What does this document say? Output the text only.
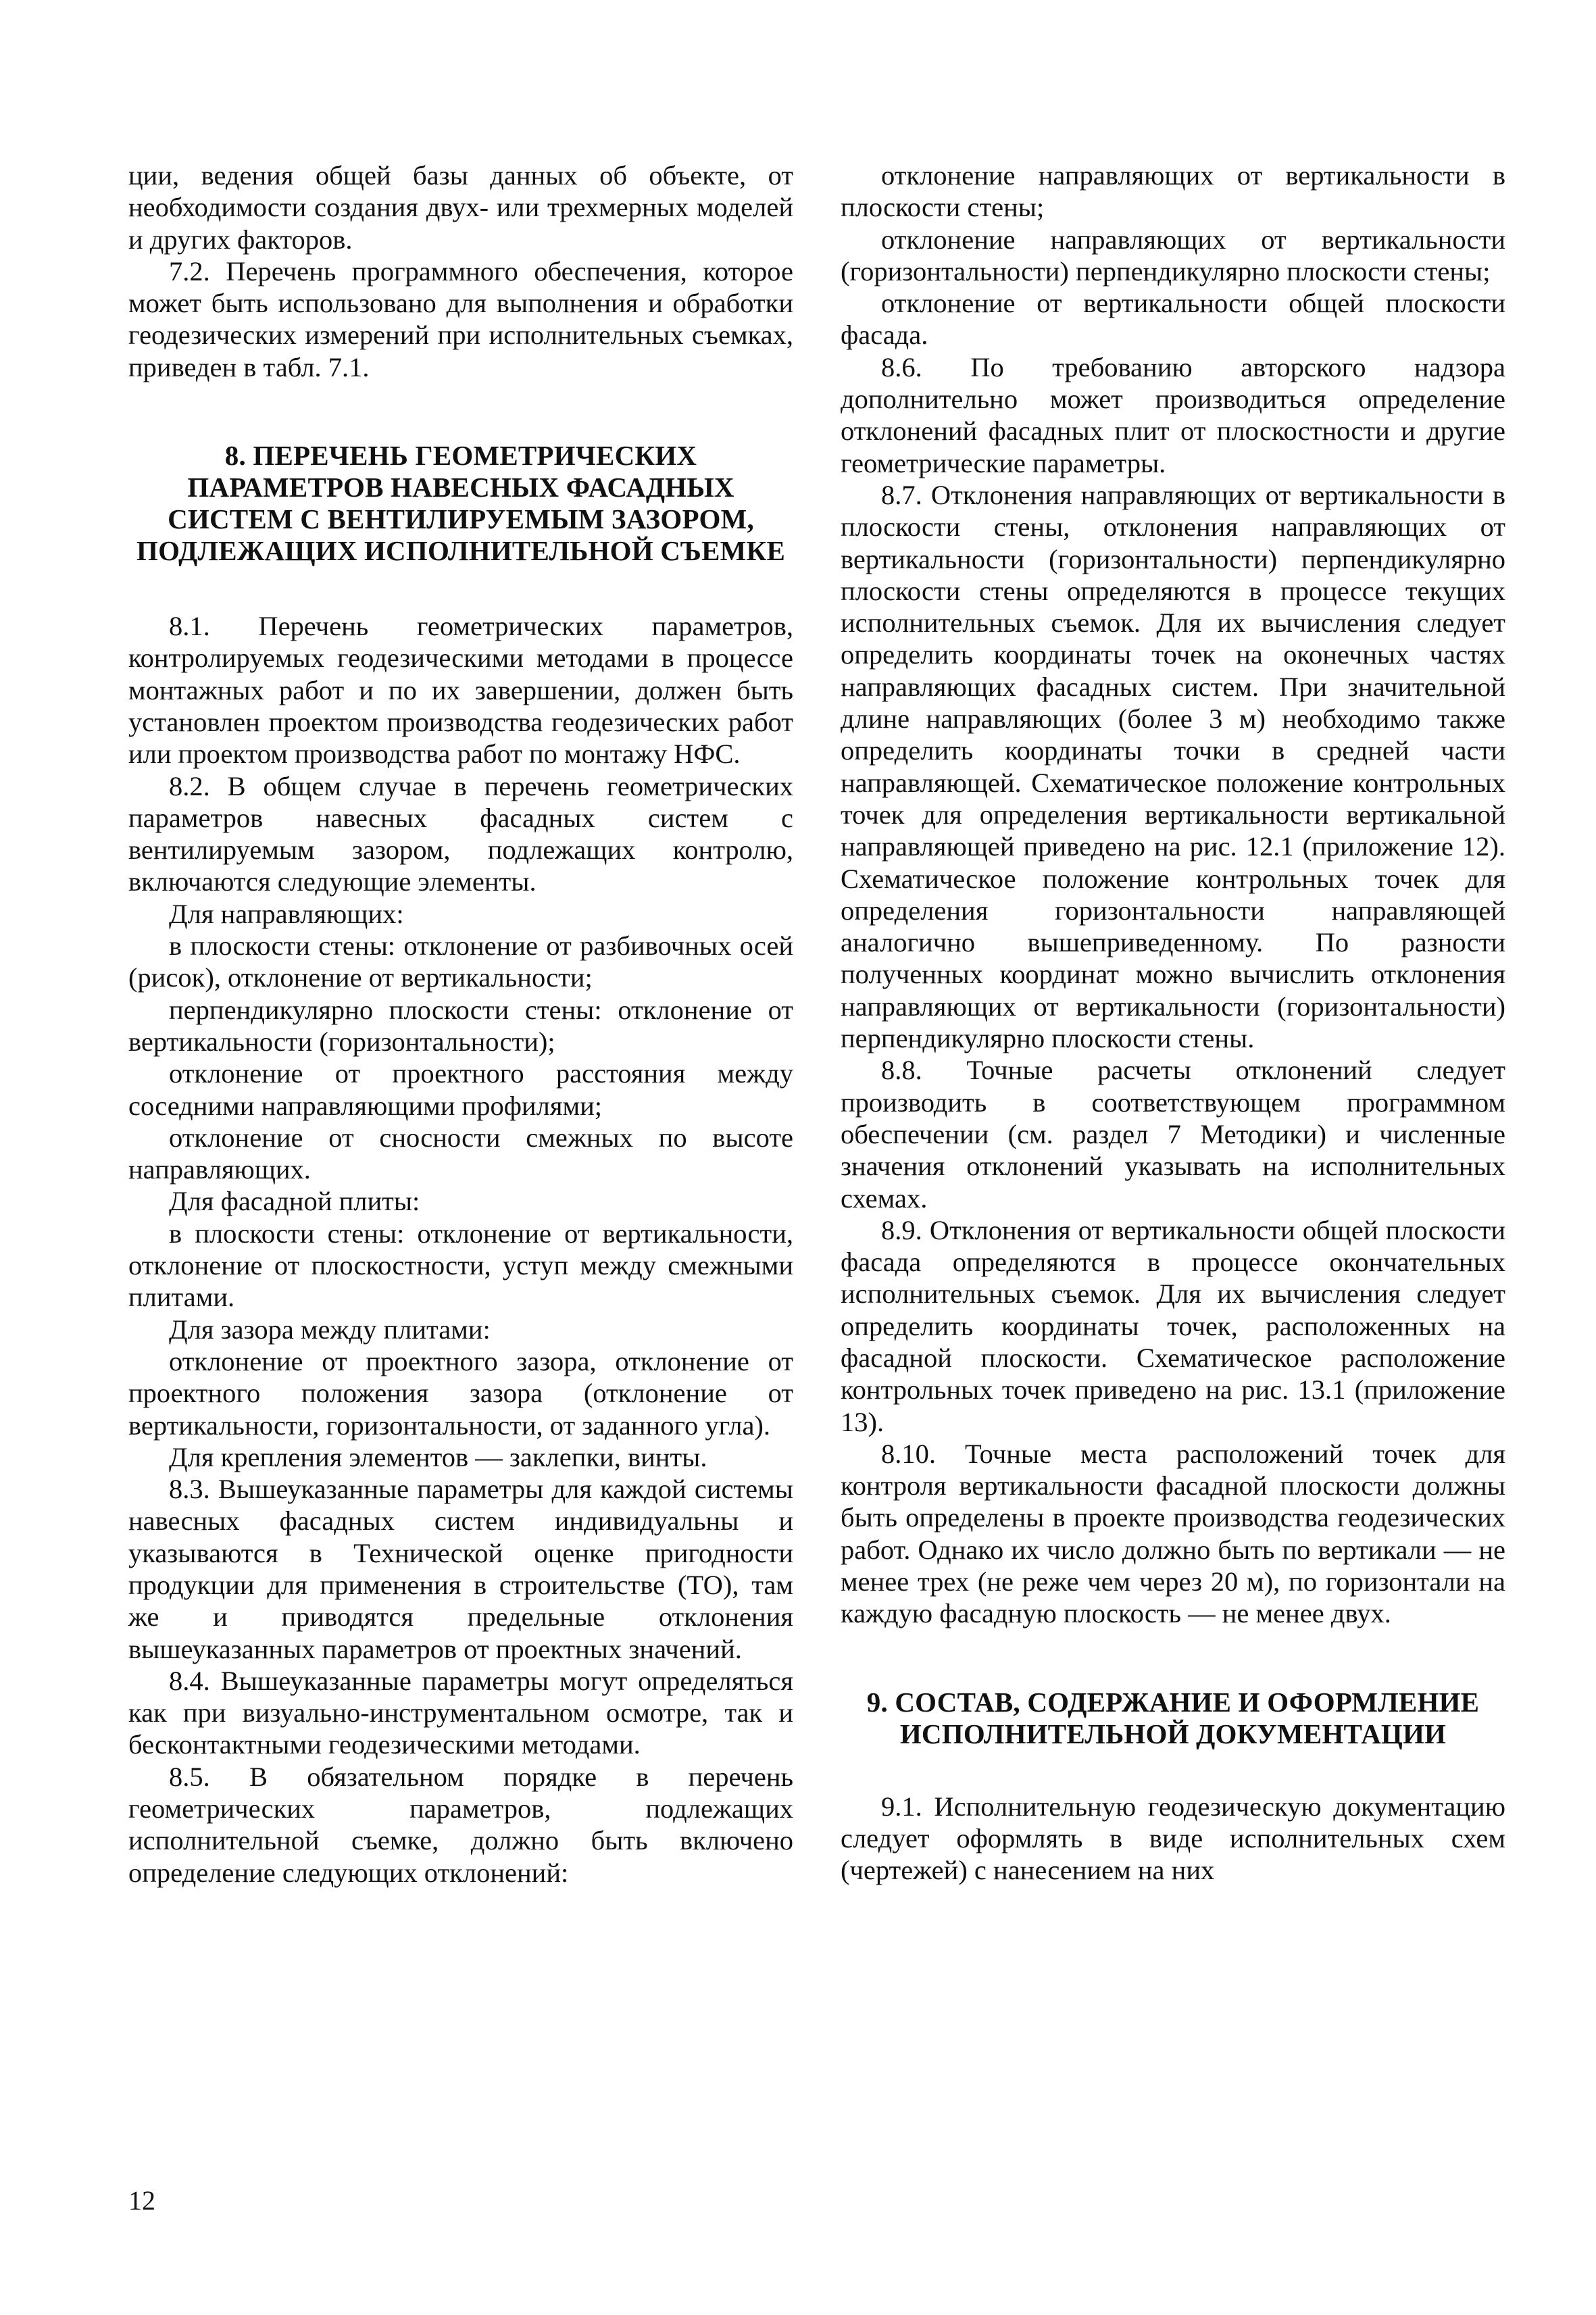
ции, ведения общей базы данных об объекте, от необходимости создания двух- или трехмерных моделей и других факторов.

7.2. Перечень программного обеспечения, которое может быть использовано для выполнения и обработки геодезических измерений при исполнительных съемках, приведен в табл. 7.1.

8. ПЕРЕЧЕНЬ ГЕОМЕТРИЧЕСКИХ ПАРАМЕТРОВ НАВЕСНЫХ ФАСАДНЫХ СИСТЕМ С ВЕНТИЛИРУЕМЫМ ЗАЗОРОМ, ПОДЛЕЖАЩИХ ИСПОЛНИТЕЛЬНОЙ СЪЕМКЕ

8.1. Перечень геометрических параметров, контролируемых геодезическими методами в процессе монтажных работ и по их завершении, должен быть установлен проектом производства геодезических работ или проектом производства работ по монтажу НФС.

8.2. В общем случае в перечень геометрических параметров навесных фасадных систем с вентилируемым зазором, подлежащих контролю, включаются следующие элементы.

Для направляющих:

в плоскости стены: отклонение от разбивочных осей (рисок), отклонение от вертикальности;

перпендикулярно плоскости стены: отклонение от вертикальности (горизонтальности);

отклонение от проектного расстояния между соседними направляющими профилями;

отклонение от сносности смежных по высоте направляющих.

Для фасадной плиты:

в плоскости стены: отклонение от вертикальности, отклонение от плоскостности, уступ между смежными плитами.

Для зазора между плитами:

отклонение от проектного зазора, отклонение от проектного положения зазора (отклонение от вертикальности, горизонтальности, от заданного угла).

Для крепления элементов — заклепки, винты.

8.3. Вышеуказанные параметры для каждой системы навесных фасадных систем индивидуальны и указываются в Технической оценке пригодности продукции для применения в строительстве (ТО), там же и приводятся предельные отклонения вышеуказанных параметров от проектных значений.

8.4. Вышеуказанные параметры могут определяться как при визуально-инструментальном осмотре, так и бесконтактными геодезическими методами.

8.5. В обязательном порядке в перечень геометрических параметров, подлежащих исполнительной съемке, должно быть включено определение следующих отклонений:

отклонение направляющих от вертикальности в плоскости стены;

отклонение направляющих от вертикальности (горизонтальности) перпендикулярно плоскости стены;

отклонение от вертикальности общей плоскости фасада.

8.6. По требованию авторского надзора дополнительно может производиться определение отклонений фасадных плит от плоскостности и другие геометрические параметры.

8.7. Отклонения направляющих от вертикальности в плоскости стены, отклонения направляющих от вертикальности (горизонтальности) перпендикулярно плоскости стены определяются в процессе текущих исполнительных съемок. Для их вычисления следует определить координаты точек на оконечных частях направляющих фасадных систем. При значительной длине направляющих (более 3 м) необходимо также определить координаты точки в средней части направляющей. Схематическое положение контрольных точек для определения вертикальности вертикальной направляющей приведено на рис. 12.1 (приложение 12). Схематическое положение контрольных точек для определения горизонтальности направляющей аналогично вышеприведенному. По разности полученных координат можно вычислить отклонения направляющих от вертикальности (горизонтальности) перпендикулярно плоскости стены.

8.8. Точные расчеты отклонений следует производить в соответствующем программном обеспечении (см. раздел 7 Методики) и численные значения отклонений указывать на исполнительных схемах.

8.9. Отклонения от вертикальности общей плоскости фасада определяются в процессе окончательных исполнительных съемок. Для их вычисления следует определить координаты точек, расположенных на фасадной плоскости. Схематическое расположение контрольных точек приведено на рис. 13.1 (приложение 13).

8.10. Точные места расположений точек для контроля вертикальности фасадной плоскости должны быть определены в проекте производства геодезических работ. Однако их число должно быть по вертикали — не менее трех (не реже чем через 20 м), по горизонтали на каждую фасадную плоскость — не менее двух.

9. СОСТАВ, СОДЕРЖАНИЕ И ОФОРМЛЕНИЕ ИСПОЛНИТЕЛЬНОЙ ДОКУМЕНТАЦИИ

9.1. Исполнительную геодезическую документацию следует оформлять в виде исполнительных схем (чертежей) с нанесением на них

12
